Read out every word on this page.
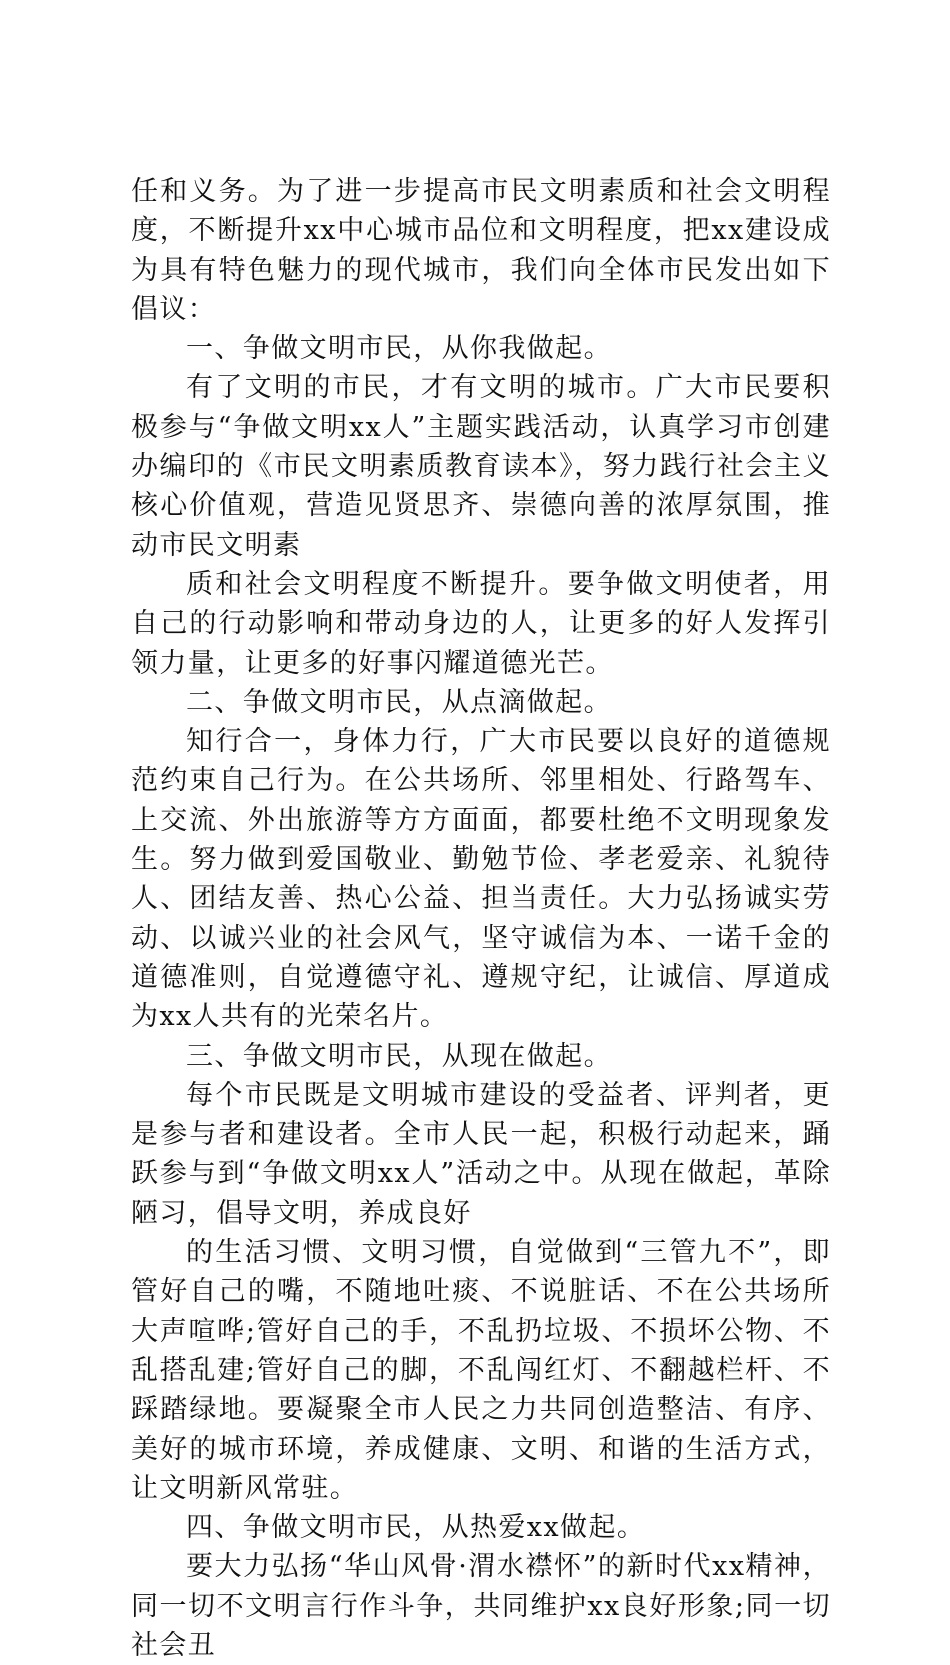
任和义务。为了进一步提高市民文明素质和社会文明程度，不断提升xx中心城市品位和文明程度，把xx建设成为具有特色魅力的现代城市，我们向全体市民发出如下倡议：

一、争做文明市民，从你我做起。

有了文明的市民，才有文明的城市。广大市民要积极参与“争做文明xx人”主题实践活动，认真学习市创建办编印的《市民文明素质教育读本》，努力践行社会主义核心价值观，营造见贤思齐、崇德向善的浓厚氛围，推动市民文明素

质和社会文明程度不断提升。要争做文明使者，用自己的行动影响和带动身边的人，让更多的好人发挥引领力量，让更多的好事闪耀道德光芒。

二、争做文明市民，从点滴做起。

知行合一，身体力行，广大市民要以良好的道德规范约束自己行为。在公共场所、邻里相处、行路驾车、上交流、外出旅游等方方面面，都要杜绝不文明现象发生。努力做到爱国敬业、勤勉节俭、孝老爱亲、礼貌待人、团结友善、热心公益、担当责任。大力弘扬诚实劳动、以诚兴业的社会风气，坚守诚信为本、一诺千金的道德准则，自觉遵德守礼、遵规守纪，让诚信、厚道成为xx人共有的光荣名片。

三、争做文明市民，从现在做起。

每个市民既是文明城市建设的受益者、评判者，更是参与者和建设者。全市人民一起，积极行动起来，踊跃参与到“争做文明xx人”活动之中。从现在做起，革除陋习，倡导文明，养成良好

的生活习惯、文明习惯，自觉做到“三管九不”，即管好自己的嘴，不随地吐痰、不说脏话、不在公共场所大声喧哗;管好自己的手，不乱扔垃圾、不损坏公物、不乱搭乱建;管好自己的脚，不乱闯红灯、不翻越栏杆、不踩踏绿地。要凝聚全市人民之力共同创造整洁、有序、美好的城市环境，养成健康、文明、和谐的生活方式，让文明新风常驻。

四、争做文明市民，从热爱xx做起。

要大力弘扬“华山风骨·渭水襟怀”的新时代xx精神，同一切不文明言行作斗争，共同维护xx良好形象;同一切社会丑
